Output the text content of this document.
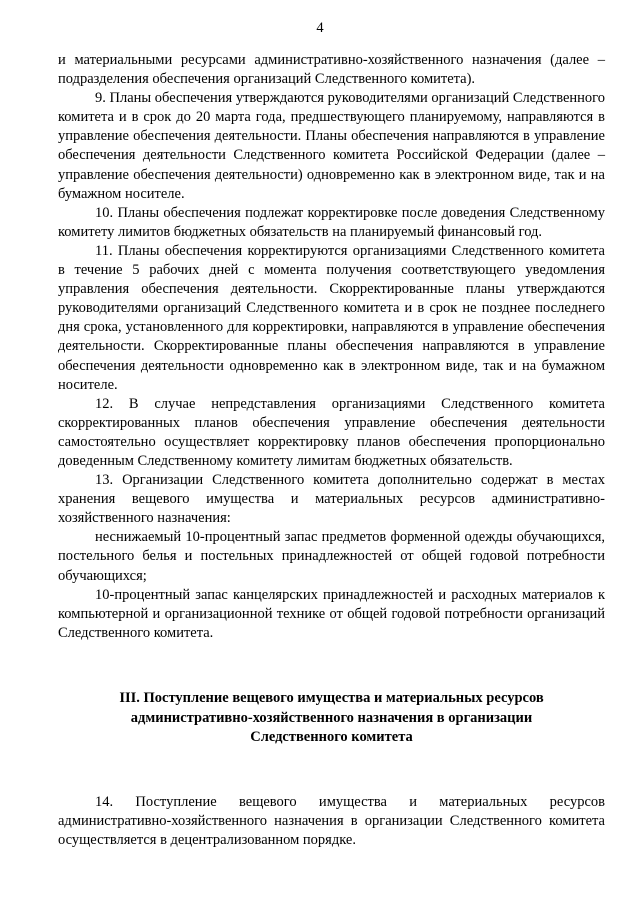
4

и материальными ресурсами административно-хозяйственного назначения (далее – подразделения обеспечения организаций Следственного комитета).

9. Планы обеспечения утверждаются руководителями организаций Следственного комитета и в срок до 20 марта года, предшествующего планируемому, направляются в управление обеспечения деятельности. Планы обеспечения направляются в управление обеспечения деятельности Следственного комитета Российской Федерации (далее – управление обеспечения деятельности) одновременно как в электронном виде, так и на бумажном носителе.

10. Планы обеспечения подлежат корректировке после доведения Следственному комитету лимитов бюджетных обязательств на планируемый финансовый год.

11. Планы обеспечения корректируются организациями Следственного комитета в течение 5 рабочих дней с момента получения соответствующего уведомления управления обеспечения деятельности. Скорректированные планы утверждаются руководителями организаций Следственного комитета и в срок не позднее последнего дня срока, установленного для корректировки, направляются в управление обеспечения деятельности. Скорректированные планы обеспечения направляются в управление обеспечения деятельности одновременно как в электронном виде, так и на бумажном носителе.

12. В случае непредставления организациями Следственного комитета скорректированных планов обеспечения управление обеспечения деятельности самостоятельно осуществляет корректировку планов обеспечения пропорционально доведенным Следственному комитету лимитам бюджетных обязательств.

13. Организации Следственного комитета дополнительно содержат в местах хранения вещевого имущества и материальных ресурсов административно-хозяйственного назначения:

неснижаемый 10-процентный запас предметов форменной одежды обучающихся, постельного белья и постельных принадлежностей от общей годовой потребности обучающихся;

10-процентный запас канцелярских принадлежностей и расходных материалов к компьютерной и организационной технике от общей годовой потребности организаций Следственного комитета.

III. Поступление вещевого имущества и материальных ресурсов
административно-хозяйственного назначения в организации
Следственного комитета

14. Поступление вещевого имущества и материальных ресурсов административно-хозяйственного назначения в организации Следственного комитета осуществляется в децентрализованном порядке.
